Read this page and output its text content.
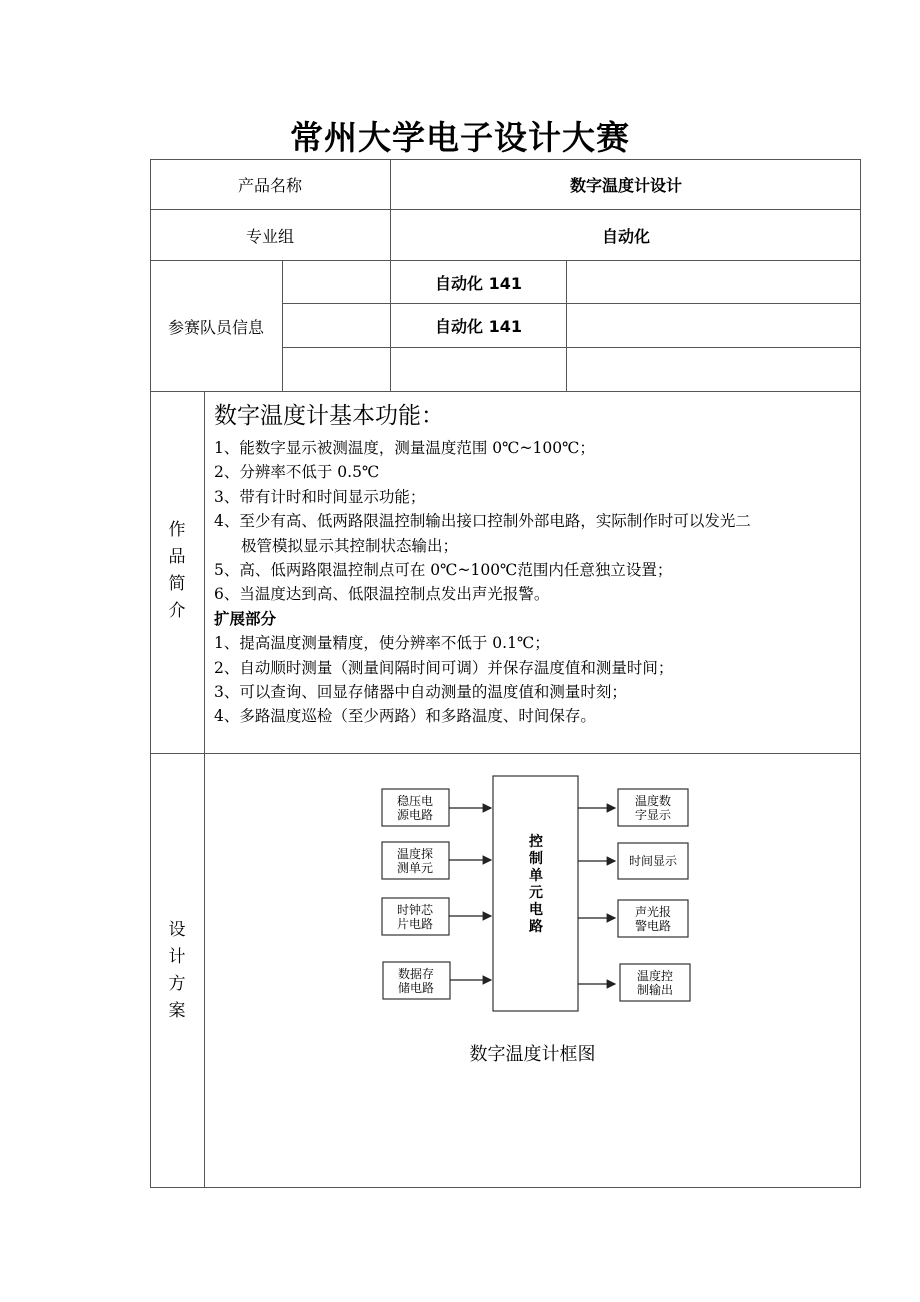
常州大学电子设计大赛
产品名称	数字温度计设计
专业组	自动化
参赛队员信息
自动化 141
自动化 141
作
品
简
介
设
计
方
案
数字温度计基本功能：
1、能数字显示被测温度，测量温度范围 0℃~100℃；
2、分辨率不低于 0.5℃
3、带有计时和时间显示功能；
4、至少有高、低两路限温控制输出接口控制外部电路，实际制作时可以发光二
极管模拟显示其控制状态输出；
5、高、低两路限温控制点可在 0℃~100℃范围内任意独立设置；
6、当温度达到高、低限温控制点发出声光报警。
扩展部分
1、提高温度测量精度，使分辨率不低于 0.1℃；
2、自动顺时测量（测量间隔时间可调）并保存温度值和测量时间；
3、可以查询、回显存储器中自动测量的温度值和测量时刻；
4、多路温度巡检（至少两路）和多路温度、时间保存。
稳压电
源电路
温度探
测单元
时钟芯
片电路
数据存
储电路
控
制
单
元
电
路
温度数
字显示
时间显示
声光报
警电路
温度控
制输出
数字温度计框图
